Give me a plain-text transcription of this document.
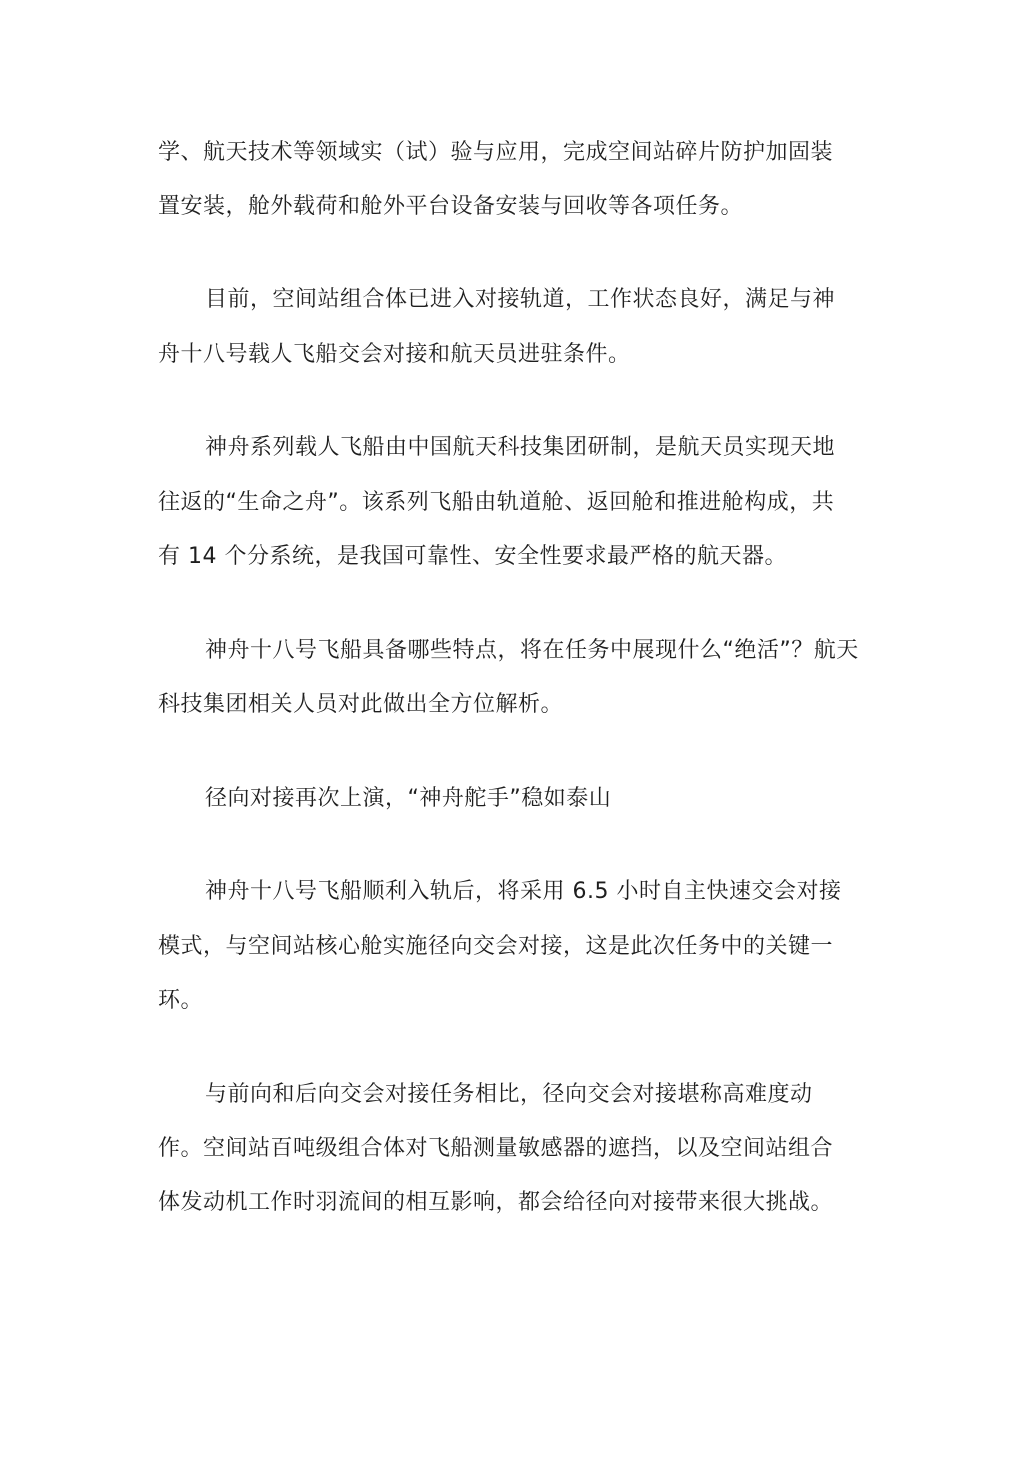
学、航天技术等领域实（试）验与应用，完成空间站碎片防护加固装
置安装，舱外载荷和舱外平台设备安装与回收等各项任务。
目前，空间站组合体已进入对接轨道，工作状态良好，满足与神
舟十八号载人飞船交会对接和航天员进驻条件。
神舟系列载人飞船由中国航天科技集团研制，是航天员实现天地
往返的“生命之舟”。该系列飞船由轨道舱、返回舱和推进舱构成，共
有 14 个分系统，是我国可靠性、安全性要求最严格的航天器。
神舟十八号飞船具备哪些特点，将在任务中展现什么“绝活”？航天
科技集团相关人员对此做出全方位解析。
径向对接再次上演，“神舟舵手”稳如泰山
神舟十八号飞船顺利入轨后，将采用 6.5 小时自主快速交会对接
模式，与空间站核心舱实施径向交会对接，这是此次任务中的关键一
环。
与前向和后向交会对接任务相比，径向交会对接堪称高难度动
作。空间站百吨级组合体对飞船测量敏感器的遮挡，以及空间站组合
体发动机工作时羽流间的相互影响，都会给径向对接带来很大挑战。
